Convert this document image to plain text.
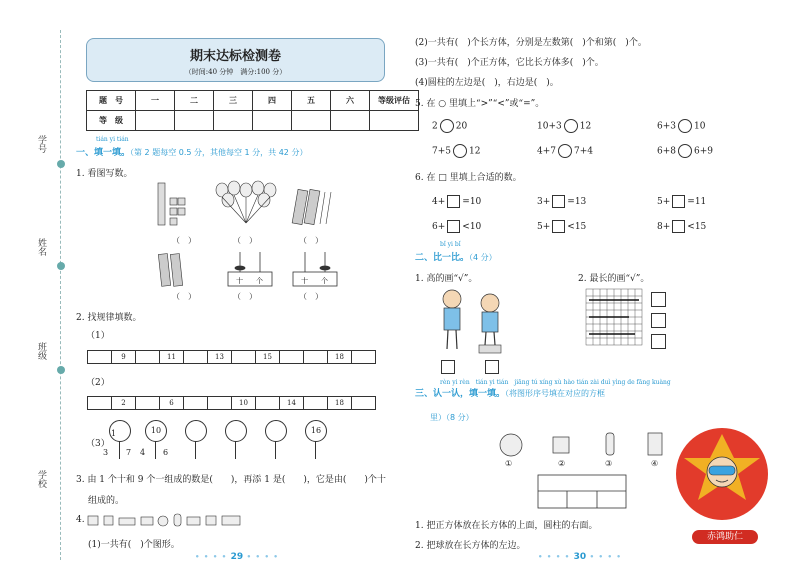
学号
姓名
班级
学校
期末达标检测卷
（时间:40 分钟　满分:100 分）
题　号	一	二	三	四	五	六	等级评估
等　级							
tián yi tián
一、填一填。（第 2 题每空 0.5 分，其他每空 1 分，共 42 分）
1. 看图写数。
（　）	（　）	（　）
十 个	十 个
（　）	（　）	（　）
2. 找规律填数。
（1）
9	11	13	15	18
（2）
2	6	10	14	18
（3）
10	16
3 7 4 6
1
3. 由 1 个十和 9 个一组成的数是(　　)，再添 1 是(　　)，它是由(　　)个十
组成的。
4.
(1)一共有(　)个图形。
• • • • 29 • • • •
(2)一共有(　)个长方体，分别是左数第(　)个和第(　)个。
(3)一共有(　)个正方体，它比长方体多(　)个。
(4)圆柱的左边是(　)，右边是(　)。
5. 在 ○ 里填上“>”“<”或“=”。
2 20	10+3 12	6+3 10
7+5 12	4+7 7+4	6+8 6+9
6. 在 □ 里填上合适的数。
4+ =10	3+ =13	5+ =11
6+ <10	5+ <15	8+ <15
bǐ yi bǐ
二、比一比。（4 分）
1. 高的画“√”。	2. 最长的画“√”。
rèn yi rèn　tián yi tián　jiāng tú xíng xù hào tián zài duì yìng de fāng kuàng
三、认一认，填一填。（将图形序号填在对应的方框
里）（8 分）
①	②	③	④
1. 把正方体放在长方体的上面，圆柱的右面。
2. 把球放在长方体的左边。
• • • • 30 • • • •
赤鸿助仁
